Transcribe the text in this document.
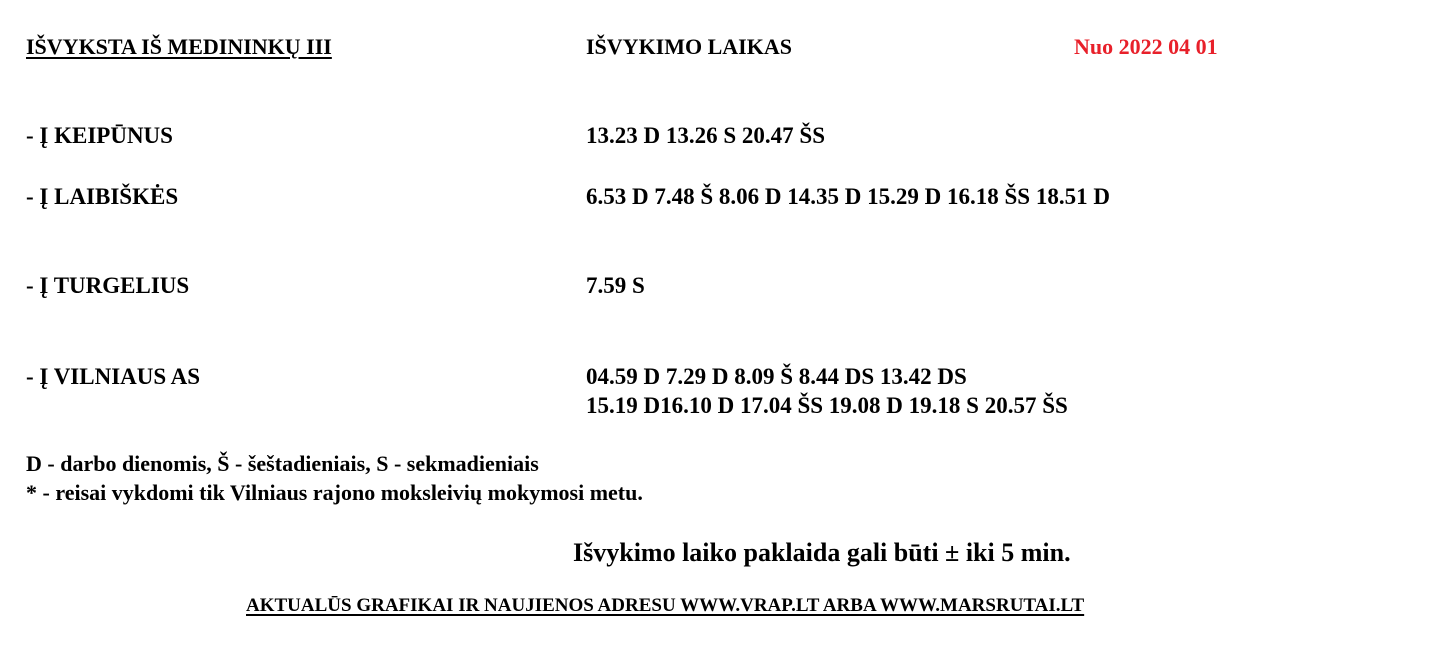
IŠVYKSTA IŠ MEDININKŲ III	IŠVYKIMO LAIKAS	Nuo 2022 04 01
- Į KEIPŪNUS	13.23 D 13.26 S 20.47 ŠS
- Į LAIBIŠKĖS	6.53 D 7.48 Š 8.06 D 14.35 D 15.29 D 16.18 ŠS 18.51 D
- Į TURGELIUS	7.59 S
- Į VILNIAUS AS	04.59 D 7.29 D 8.09 Š 8.44 DS 13.42 DS
15.19 D16.10 D 17.04 ŠS 19.08 D 19.18 S 20.57 ŠS
D - darbo dienomis, Š - šeštadieniais, S - sekmadieniais
* - reisai vykdomi tik Vilniaus rajono moksleivių mokymosi metu.
Išvykimo laiko paklaida gali būti ± iki 5 min.
AKTUALŪS GRAFIKAI IR NAUJIENOS ADRESU WWW.VRAP.LT ARBA WWW.MARSRUTAI.LT
